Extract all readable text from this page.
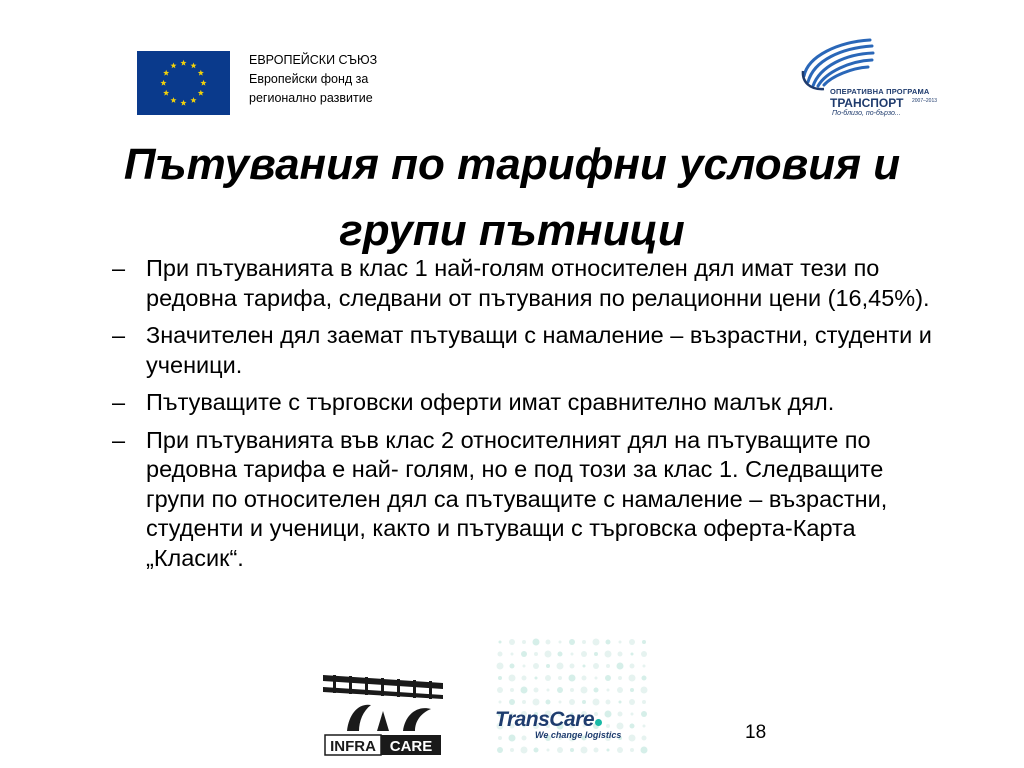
ЕВРОПЕЙСКИ СЪЮЗ
Европейски фонд за
регионално развитие	ОПЕРАТИВНА ПРОГРАМА
ТРАНСПОРТ 2007–2013
По-близо, по-бързо...
Пътувания по тарифни условия и групи пътници
– При пътуванията в клас 1 най-голям относителен дял имат тези по редовна тарифа, следвани от пътувания по релационни цени (16,45%).
– Значителен дял заемат пътуващи с намаление – възрастни, студенти и ученици.
– Пътуващите с търговски оферти имат сравнително малък дял.
– При пътуванията във клас 2 относителният дял на пътуващите по редовна тарифа е най- голям, но е под този за клас 1. Следващите групи по относителен дял са пътуващите с намаление – възрастни, студенти и ученици, както и пътуващи с търговска оферта-Карта „Класик“.
INFRA CARE
TransCare
We change logistics	18
